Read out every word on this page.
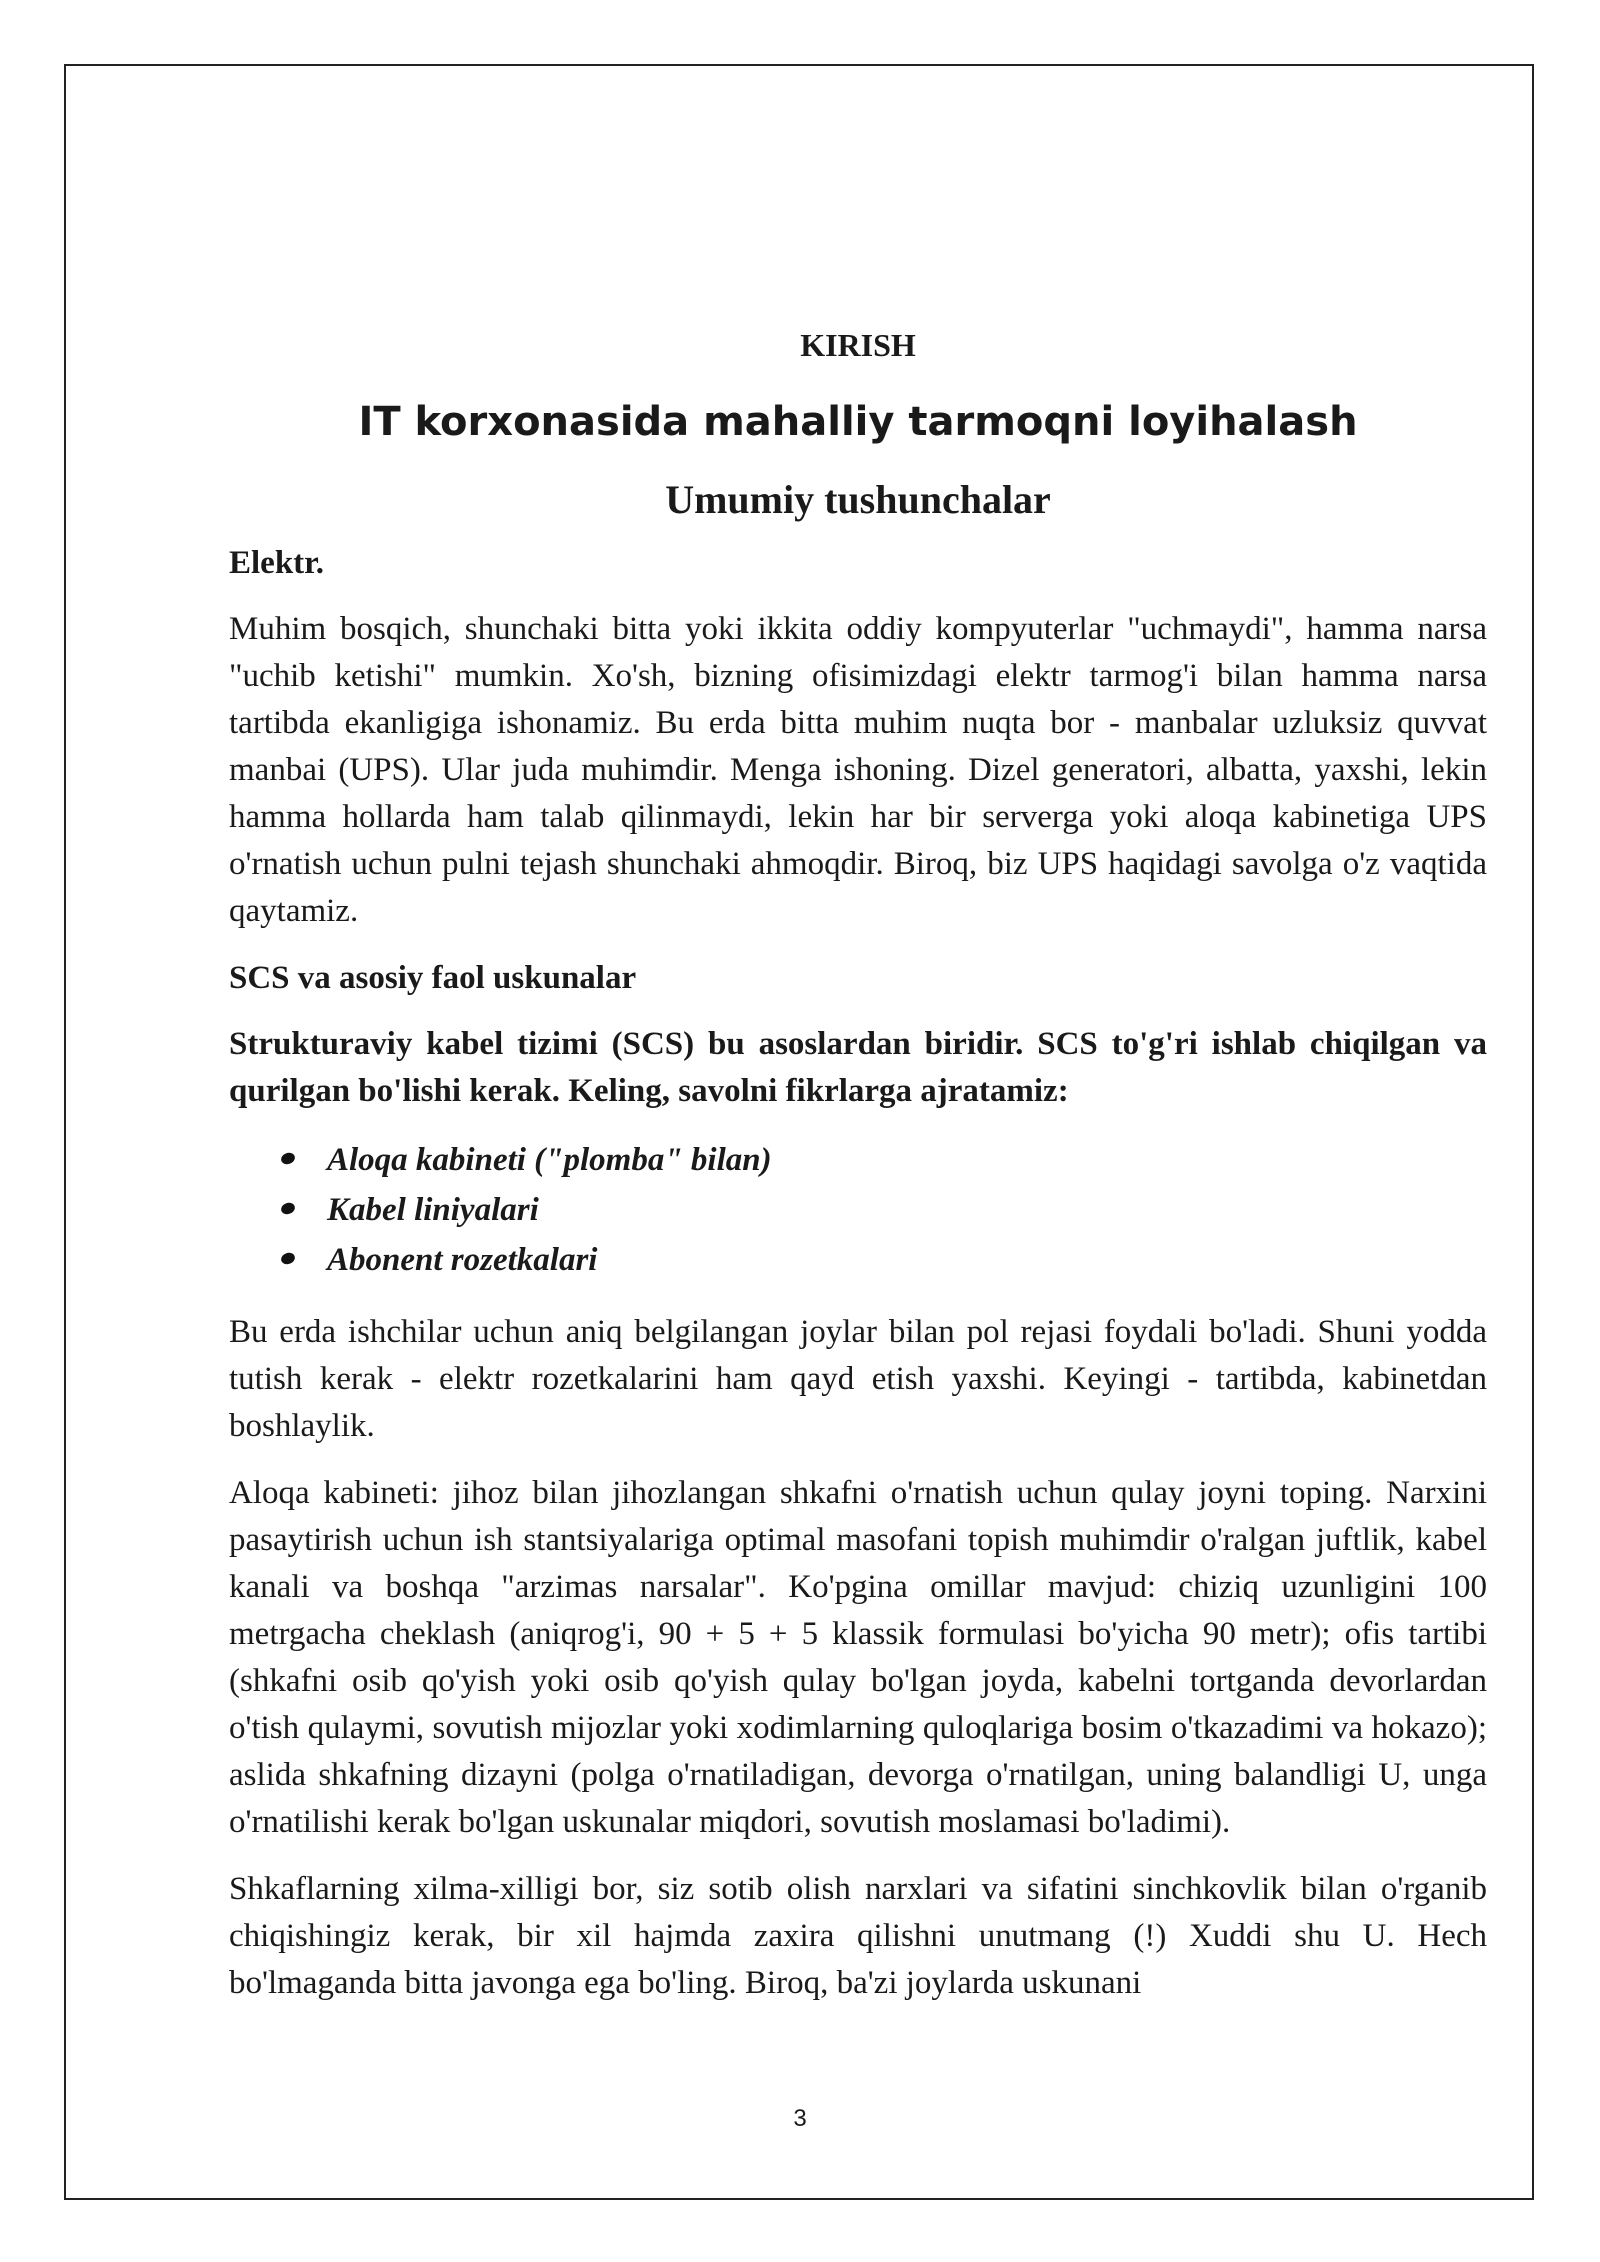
KIRISH
IT korxonasida mahalliy tarmoqni loyihalash
Umumiy tushunchalar
Elektr.

Muhim bosqich, shunchaki bitta yoki ikkita oddiy kompyuterlar "uchmaydi", hamma narsa "uchib ketishi" mumkin. Xo'sh, bizning ofisimizdagi elektr tarmog'i bilan hamma narsa tartibda ekanligiga ishonamiz. Bu erda bitta muhim nuqta bor - manbalar uzluksiz quvvat manbai (UPS). Ular juda muhimdir. Menga ishoning. Dizel generatori, albatta, yaxshi, lekin hamma hollarda ham talab qilinmaydi, lekin har bir serverga yoki aloqa kabinetiga UPS o'rnatish uchun pulni tejash shunchaki ahmoqdir. Biroq, biz UPS haqidagi savolga o'z vaqtida qaytamiz.

SCS va asosiy faol uskunalar

Strukturaviy kabel tizimi (SCS) bu asoslardan biridir. SCS to'g'ri ishlab chiqilgan va qurilgan bo'lishi kerak. Keling, savolni fikrlarga ajratamiz:

Aloqa kabineti ("plomba" bilan)
Kabel liniyalari
Abonent rozetkalari

Bu erda ishchilar uchun aniq belgilangan joylar bilan pol rejasi foydali bo'ladi. Shuni yodda tutish kerak - elektr rozetkalarini ham qayd etish yaxshi. Keyingi - tartibda, kabinetdan boshlaylik.

Aloqa kabineti: jihoz bilan jihozlangan shkafni o'rnatish uchun qulay joyni toping. Narxini pasaytirish uchun ish stantsiyalariga optimal masofani topish muhimdir o'ralgan juftlik, kabel kanali va boshqa "arzimas narsalar". Ko'pgina omillar mavjud: chiziq uzunligini 100 metrgacha cheklash (aniqrog'i, 90 + 5 + 5 klassik formulasi bo'yicha 90 metr); ofis tartibi (shkafni osib qo'yish yoki osib qo'yish qulay bo'lgan joyda, kabelni tortganda devorlardan o'tish qulaymi, sovutish mijozlar yoki xodimlarning quloqlariga bosim o'tkazadimi va hokazo); aslida shkafning dizayni (polga o'rnatiladigan, devorga o'rnatilgan, uning balandligi U, unga o'rnatilishi kerak bo'lgan uskunalar miqdori, sovutish moslamasi bo'ladimi).

Shkaflarning xilma-xilligi bor, siz sotib olish narxlari va sifatini sinchkovlik bilan o'rganib chiqishingiz kerak, bir xil hajmda zaxira qilishni unutmang (!) Xuddi shu U. Hech bo'lmaganda bitta javonga ega bo'ling. Biroq, ba'zi joylarda uskunani

3
